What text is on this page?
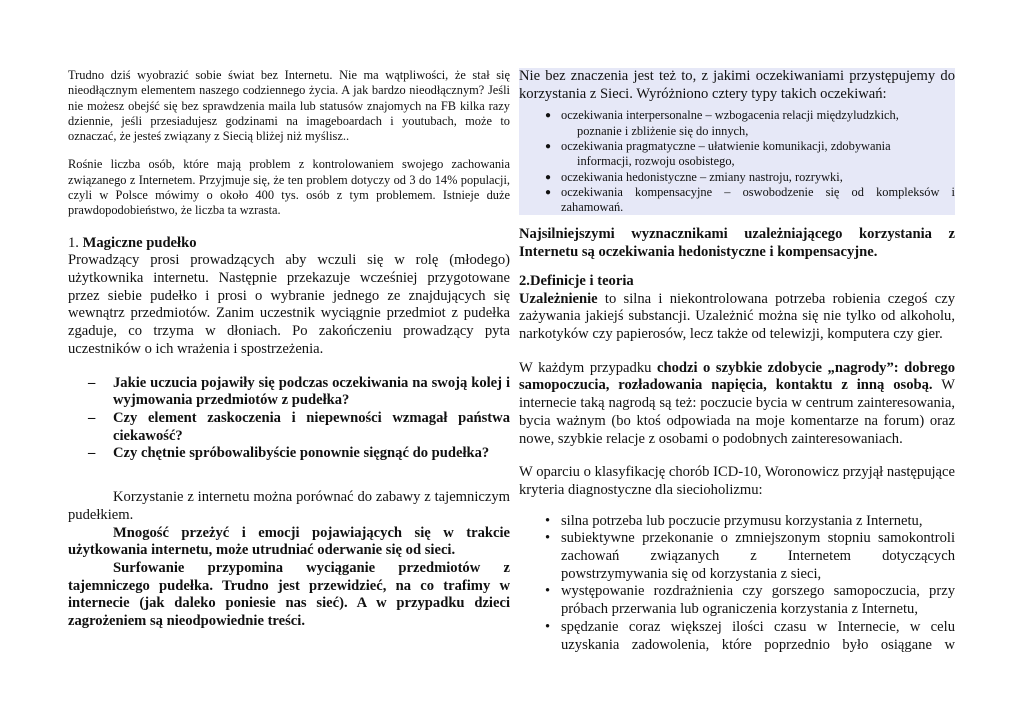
Trudno dziś wyobrazić sobie świat bez Internetu. Nie ma wątpliwości, że stał się nieodłącznym elementem naszego codziennego życia. A jak bardzo nieodłącznym? Jeśli nie możesz obejść się bez sprawdzenia maila lub statusów znajomych na FB kilka razy dziennie, jeśli przesiadujesz godzinami na imageboardach i youtubach, może to oznaczać, że jesteś związany z Siecią bliżej niż myślisz..

Rośnie liczba osób, które mają problem z kontrolowaniem swojego zachowania związanego z Internetem. Przyjmuje się, że ten problem dotyczy od 3 do 14% populacji, czyli w Polsce mówimy o około 400 tys. osób z tym problemem. Istnieje duże prawdopodobieństwo, że liczba ta wzrasta.

1. Magiczne pudełko

Prowadzący prosi prowadzących aby wczuli się w rolę (młodego) użytkownika internetu. Następnie przekazuje wcześniej przygotowane przez siebie pudełko i prosi o wybranie jednego ze znajdujących się wewnątrz przedmiotów. Zanim uczestnik wyciągnie przedmiot z pudełka zgaduje, co trzyma w dłoniach. Po zakończeniu prowadzący pyta uczestników o ich wrażenia i spostrzeżenia.

– Jakie uczucia pojawiły się podczas oczekiwania na swoją kolej i wyjmowania przedmiotów z pudełka?
– Czy element zaskoczenia i niepewności wzmagał państwa ciekawość?
– Czy chętnie spróbowalibyście ponownie sięgnąć do pudełka?

Korzystanie z internetu można porównać do zabawy z tajemniczym pudełkiem.

Mnogość przeżyć i emocji pojawiających się w trakcie użytkowania internetu, może utrudniać oderwanie się od sieci.

Surfowanie przypomina wyciąganie przedmiotów z tajemniczego pudełka. Trudno jest przewidzieć, na co trafimy w internecie (jak daleko poniesie nas sieć). A w przypadku dzieci zagrożeniem są nieodpowiednie treści.

Nie bez znaczenia jest też to, z jakimi oczekiwaniami przystępujemy do korzystania z Sieci. Wyróżniono cztery typy takich oczekiwań:

● oczekiwania interpersonalne – wzbogacenia relacji międzyludzkich,
poznanie i zbliżenie się do innych,
● oczekiwania pragmatyczne – ułatwienie komunikacji, zdobywania
informacji, rozwoju osobistego,
● oczekiwania hedonistyczne – zmiany nastroju, rozrywki,
● oczekiwania kompensacyjne – oswobodzenie się od kompleksów i zahamowań.

Najsilniejszymi wyznacznikami uzależniającego korzystania z Internetu są oczekiwania hedonistyczne i kompensacyjne.

2.Definicje i teoria

Uzależnienie to silna i niekontrolowana potrzeba robienia czegoś czy zażywania jakiejś substancji. Uzależnić można się nie tylko od alkoholu, narkotyków czy papierosów, lecz także od telewizji, komputera czy gier.

W każdym przypadku chodzi o szybkie zdobycie „nagrody”: dobrego samopoczucia, rozładowania napięcia, kontaktu z inną osobą. W internecie taką nagrodą są też: poczucie bycia w centrum zainteresowania, bycia ważnym (bo ktoś odpowiada na moje komentarze na forum) oraz nowe, szybkie relacje z osobami o podobnych zainteresowaniach.

W oparciu o klasyfikację chorób ICD-10, Woronowicz przyjął następujące kryteria diagnostyczne dla siecioholizmu:

• silna potrzeba lub poczucie przymusu korzystania z Internetu,
• subiektywne przekonanie o zmniejszonym stopniu samokontroli zachowań związanych z Internetem dotyczących powstrzymywania się od korzystania z sieci,
• występowanie rozdrażnienia czy gorszego samopoczucia, przy próbach przerwania lub ograniczenia korzystania z Internetu,
• spędzanie coraz większej ilości czasu w Internecie, w celu uzyskania zadowolenia, które poprzednio było osiągane w
